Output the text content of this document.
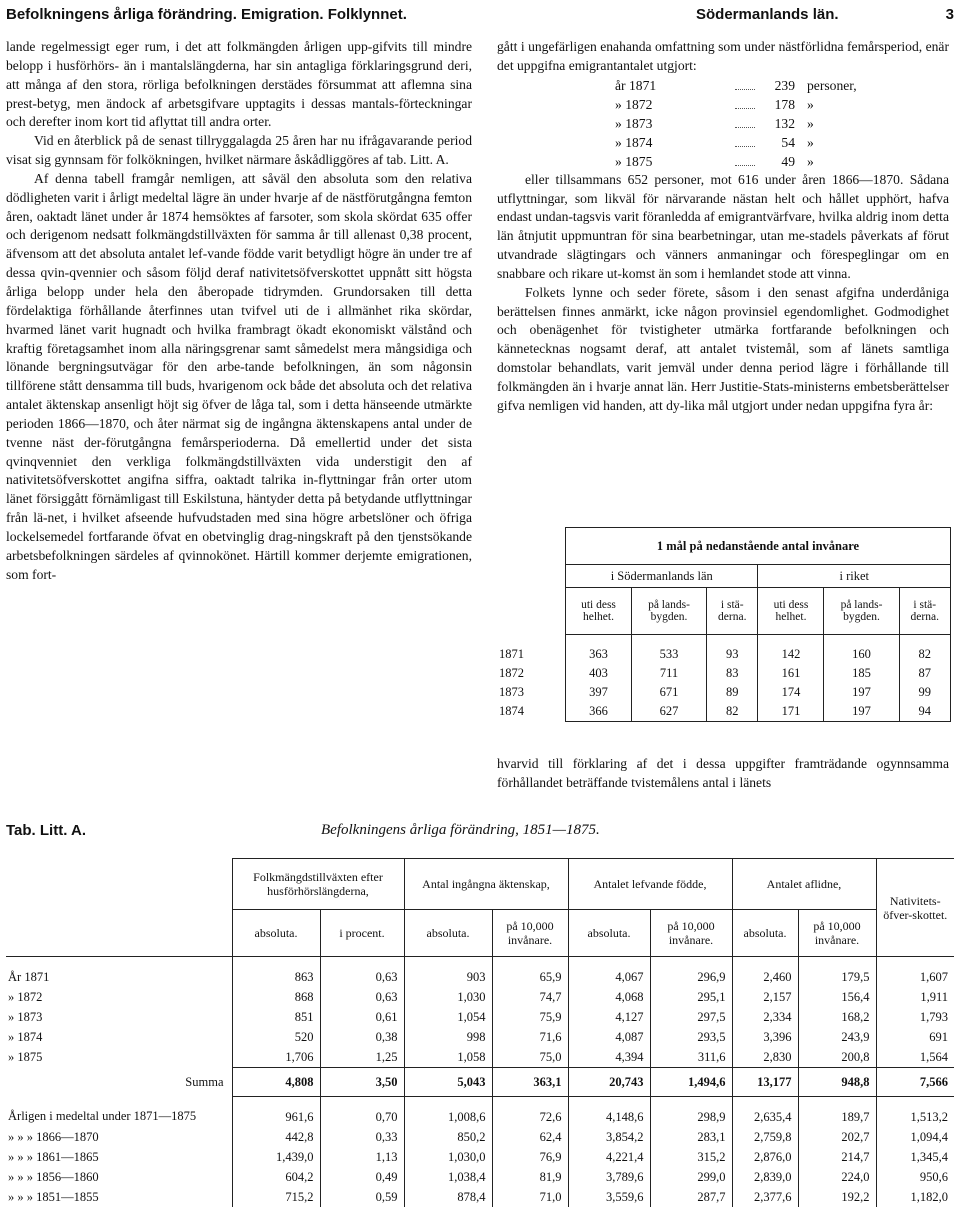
Befolkningens årliga förändring. Emigration. Folklynnet.	Södermanlands län.	3

lande regelmessigt eger rum, i det att folkmängden årligen upp-gifvits till mindre belopp i husförhörs- än i mantalslängderna, har sin antagliga förklaringsgrund deri, att många af den stora, rörliga befolkningen derstädes försummat att aflemna sina prest-betyg, men ändock af arbetsgifvare upptagits i dessas mantals-förteckningar och derefter inom kort tid aflyttat till andra orter.

Vid en återblick på de senast tillryggalagda 25 åren har nu ifrågavarande period visat sig gynnsam för folkökningen, hvilket närmare åskådliggöres af tab. Litt. A.

Af denna tabell framgår nemligen, att såväl den absoluta som den relativa dödligheten varit i årligt medeltal lägre än under hvarje af de nästförutgångna femton åren, oaktadt länet under år 1874 hemsöktes af farsoter, som skola skördat 635 offer och derigenom nedsatt folkmängdstillväxten för samma år till allenast 0,38 procent, äfvensom att det absoluta antalet lef-vande födde varit betydligt högre än under tre af dessa qvin-qvennier och såsom följd deraf nativitetsöfverskottet uppnått sitt högsta årliga belopp under hela den åberopade tidrymden. Grundorsaken till detta fördelaktiga förhållande återfinnes utan tvifvel uti de i allmänhet rika skördar, hvarmed länet varit hugnadt och hvilka frambragt ökadt ekonomiskt välstånd och kraftig företagsamhet inom alla näringsgrenar samt såmedelst mera mångsidiga och lönande bergningsutvägar för den arbe-tande befolkningen, än som någonsin tillförene stått densamma till buds, hvarigenom ock både det absoluta och det relativa antalet äktenskap ansenligt höjt sig öfver de låga tal, som i detta hänseende utmärkte perioden 1866—1870, och åter närmat sig de ingångna äktenskapens antal under de tvenne näst der-förutgångna femårsperioderna. Då emellertid under det sista qvinqvenniet den verkliga folkmängdstillväxten vida understigit den af nativitetsöfverskottet angifna siffra, oaktadt talrika in-flyttningar från orter utom länet försiggått förnämligast till Eskilstuna, häntyder detta på betydande utflyttningar från lä-net, i hvilket afseende hufvudstaden med sina högre arbetslöner och öfriga lockelsemedel fortfarande öfvat en obetvinglig drag-ningskraft på den tjenstsökande arbetsbefolkningen särdeles af qvinnokönet. Härtill kommer derjemte emigrationen, som fort-

gått i ungefärligen enahanda omfattning som under nästförlidna femårsperiod, enär det uppgifna emigrantantalet utgjort:

år 1871	239 personer,
» 1872	178 »
» 1873	132 »
» 1874	54 »
» 1875	49 »

eller tillsammans 652 personer, mot 616 under åren 1866—1870. Sådana utflyttningar, som likväl för närvarande nästan helt och hållet upphört, hafva endast undan-tagsvis varit föranledda af emigrantvärfvare, hvilka aldrig inom detta län åtnjutit uppmuntran för sina bearbetningar, utan me-stadels påverkats af förut utvandrade slägtingars och vänners anmaningar och förespeglingar om en snabbare och rikare ut-komst än som i hemlandet stode att vinna.

Folkets lynne och seder förete, såsom i den senast afgifna underdåniga berättelsen finnes anmärkt, icke någon provinsiel egendomlighet. Godmodighet och obenägenhet för tvistigheter utmärka fortfarande befolkningen och kännetecknas nogsamt deraf, att antalet tvistemål, som af länets samtliga domstolar behandlats, varit jemväl under denna period lägre i förhållande till folkmängden än i hvarje annat län. Herr Justitie-Stats-ministerns embetsberättelser gifva nemligen vid handen, att dy-lika mål utgjort under nedan uppgifna fyra år:

	1 mål på nedanstående antal invånare					
	i Södermanlands län			i riket		
	uti dess helhet.	på lands-bygden.	i stä-derna.	uti dess helhet.	på lands-bygden.	i stä-derna.
1871	363	533	93	142	160	82
1872	403	711	83	161	185	87
1873	397	671	89	174	197	99
1874	366	627	82	171	197	94

hvarvid till förklaring af det i dessa uppgifter framträdande ogynnsamma förhållandet beträffande tvistemålens antal i länets

Tab. Litt. A.	Befolkningens årliga förändring, 1851—1875.
	Folkmängdstillväxten efter husförhörslängderna,		Antal ingångna äktenskap,		Antalet lefvande födde,		Antalet aflidne,		Nativitets-öfver-skottet.
	absoluta.	i procent.	absoluta.	på 10,000 invånare.	absoluta.	på 10,000 invånare.	absoluta.	på 10,000 invånare.	
År 1871	863	0,63	903	65,9	4,067	296,9	2,460	179,5	1,607
» 1872	868	0,63	1,030	74,7	4,068	295,1	2,157	156,4	1,911
» 1873	851	0,61	1,054	75,9	4,127	297,5	2,334	168,2	1,793
» 1874	520	0,38	998	71,6	4,087	293,5	3,396	243,9	691
» 1875	1,706	1,25	1,058	75,0	4,394	311,6	2,830	200,8	1,564
Summa	4,808	3,50	5,043	363,1	20,743	1,494,6	13,177	948,8	7,566
Årligen i medeltal under 1871—1875	961,6	0,70	1,008,6	72,6	4,148,6	298,9	2,635,4	189,7	1,513,2
» » » 1866—1870	442,8	0,33	850,2	62,4	3,854,2	283,1	2,759,8	202,7	1,094,4
» » » 1861—1865	1,439,0	1,13	1,030,0	76,9	4,221,4	315,2	2,876,0	214,7	1,345,4
» » » 1856—1860	604,2	0,49	1,038,4	81,9	3,789,6	299,0	2,839,0	224,0	950,6
» » » 1851—1855	715,2	0,59	878,4	71,0	3,559,6	287,7	2,377,6	192,2	1,182,0
